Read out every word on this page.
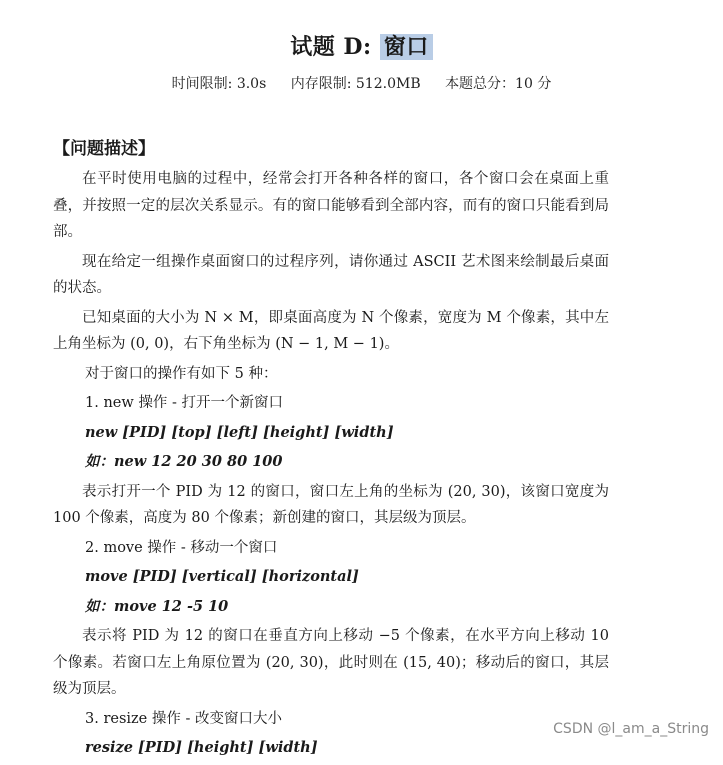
试题 D: 窗口
时间限制: 3.0s 内存限制: 512.0MB 本题总分：10 分
【问题描述】
在平时使用电脑的过程中，经常会打开各种各样的窗口，各个窗口会在桌面上重叠，并按照一定的层次关系显示。有的窗口能够看到全部内容，而有的窗口只能看到局部。
现在给定一组操作桌面窗口的过程序列，请你通过 ASCII 艺术图来绘制最后桌面的状态。
已知桌面的大小为 N × M，即桌面高度为 N 个像素，宽度为 M 个像素，其中左上角坐标为 (0, 0)，右下角坐标为 (N − 1, M − 1)。
对于窗口的操作有如下 5 种：
1. new 操作 - 打开一个新窗口
new [PID] [top] [left] [height] [width]
如：new 12 20 30 80 100
表示打开一个 PID 为 12 的窗口，窗口左上角的坐标为 (20, 30)，该窗口宽度为 100 个像素，高度为 80 个像素；新创建的窗口，其层级为顶层。
2. move 操作 - 移动一个窗口
move [PID] [vertical] [horizontal]
如：move 12 -5 10
表示将 PID 为 12 的窗口在垂直方向上移动 −5 个像素，在水平方向上移动 10 个像素。若窗口左上角原位置为 (20, 30)，此时则在 (15, 40)；移动后的窗口，其层级为顶层。
3. resize 操作 - 改变窗口大小
resize [PID] [height] [width]
CSDN @l_am_a_String
